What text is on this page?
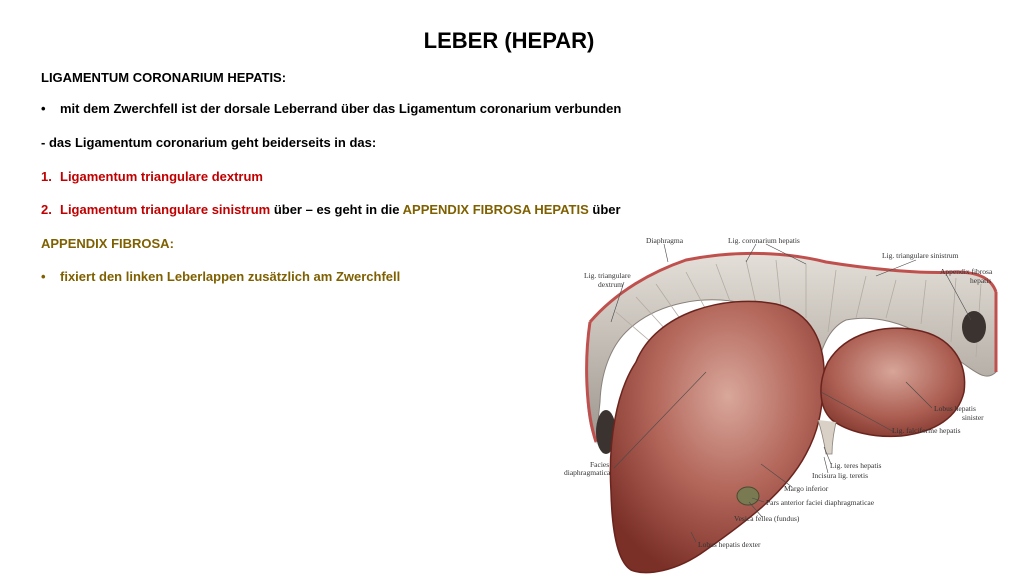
LEBER (HEPAR)
LIGAMENTUM CORONARIUM HEPATIS:
• mit dem Zwerchfell ist der dorsale Leberrand über das Ligamentum coronarium verbunden
- das Ligamentum coronarium geht beiderseits in das:
1. Ligamentum triangulare dextrum
2. Ligamentum triangulare sinistrum über – es geht in die APPENDIX FIBROSA HEPATIS über
APPENDIX FIBROSA:
• fixiert den linken Leberlappen zusätzlich am Zwerchfell
Diaphragma	Lig. coronarium hepatis
Lig. triangulare sinistrum
Lig. triangulare
dextrum
Appendix fibrosa
hepatis
Lobus hepatis
sinister
Lig. falciforme hepatis
Facies
diaphragmatica
Lig. teres hepatis
Incisura lig. teretis
Margo inferior
Pars anterior faciei diaphragmaticae
Vesica fellea (fundus)
Lobus hepatis dexter
